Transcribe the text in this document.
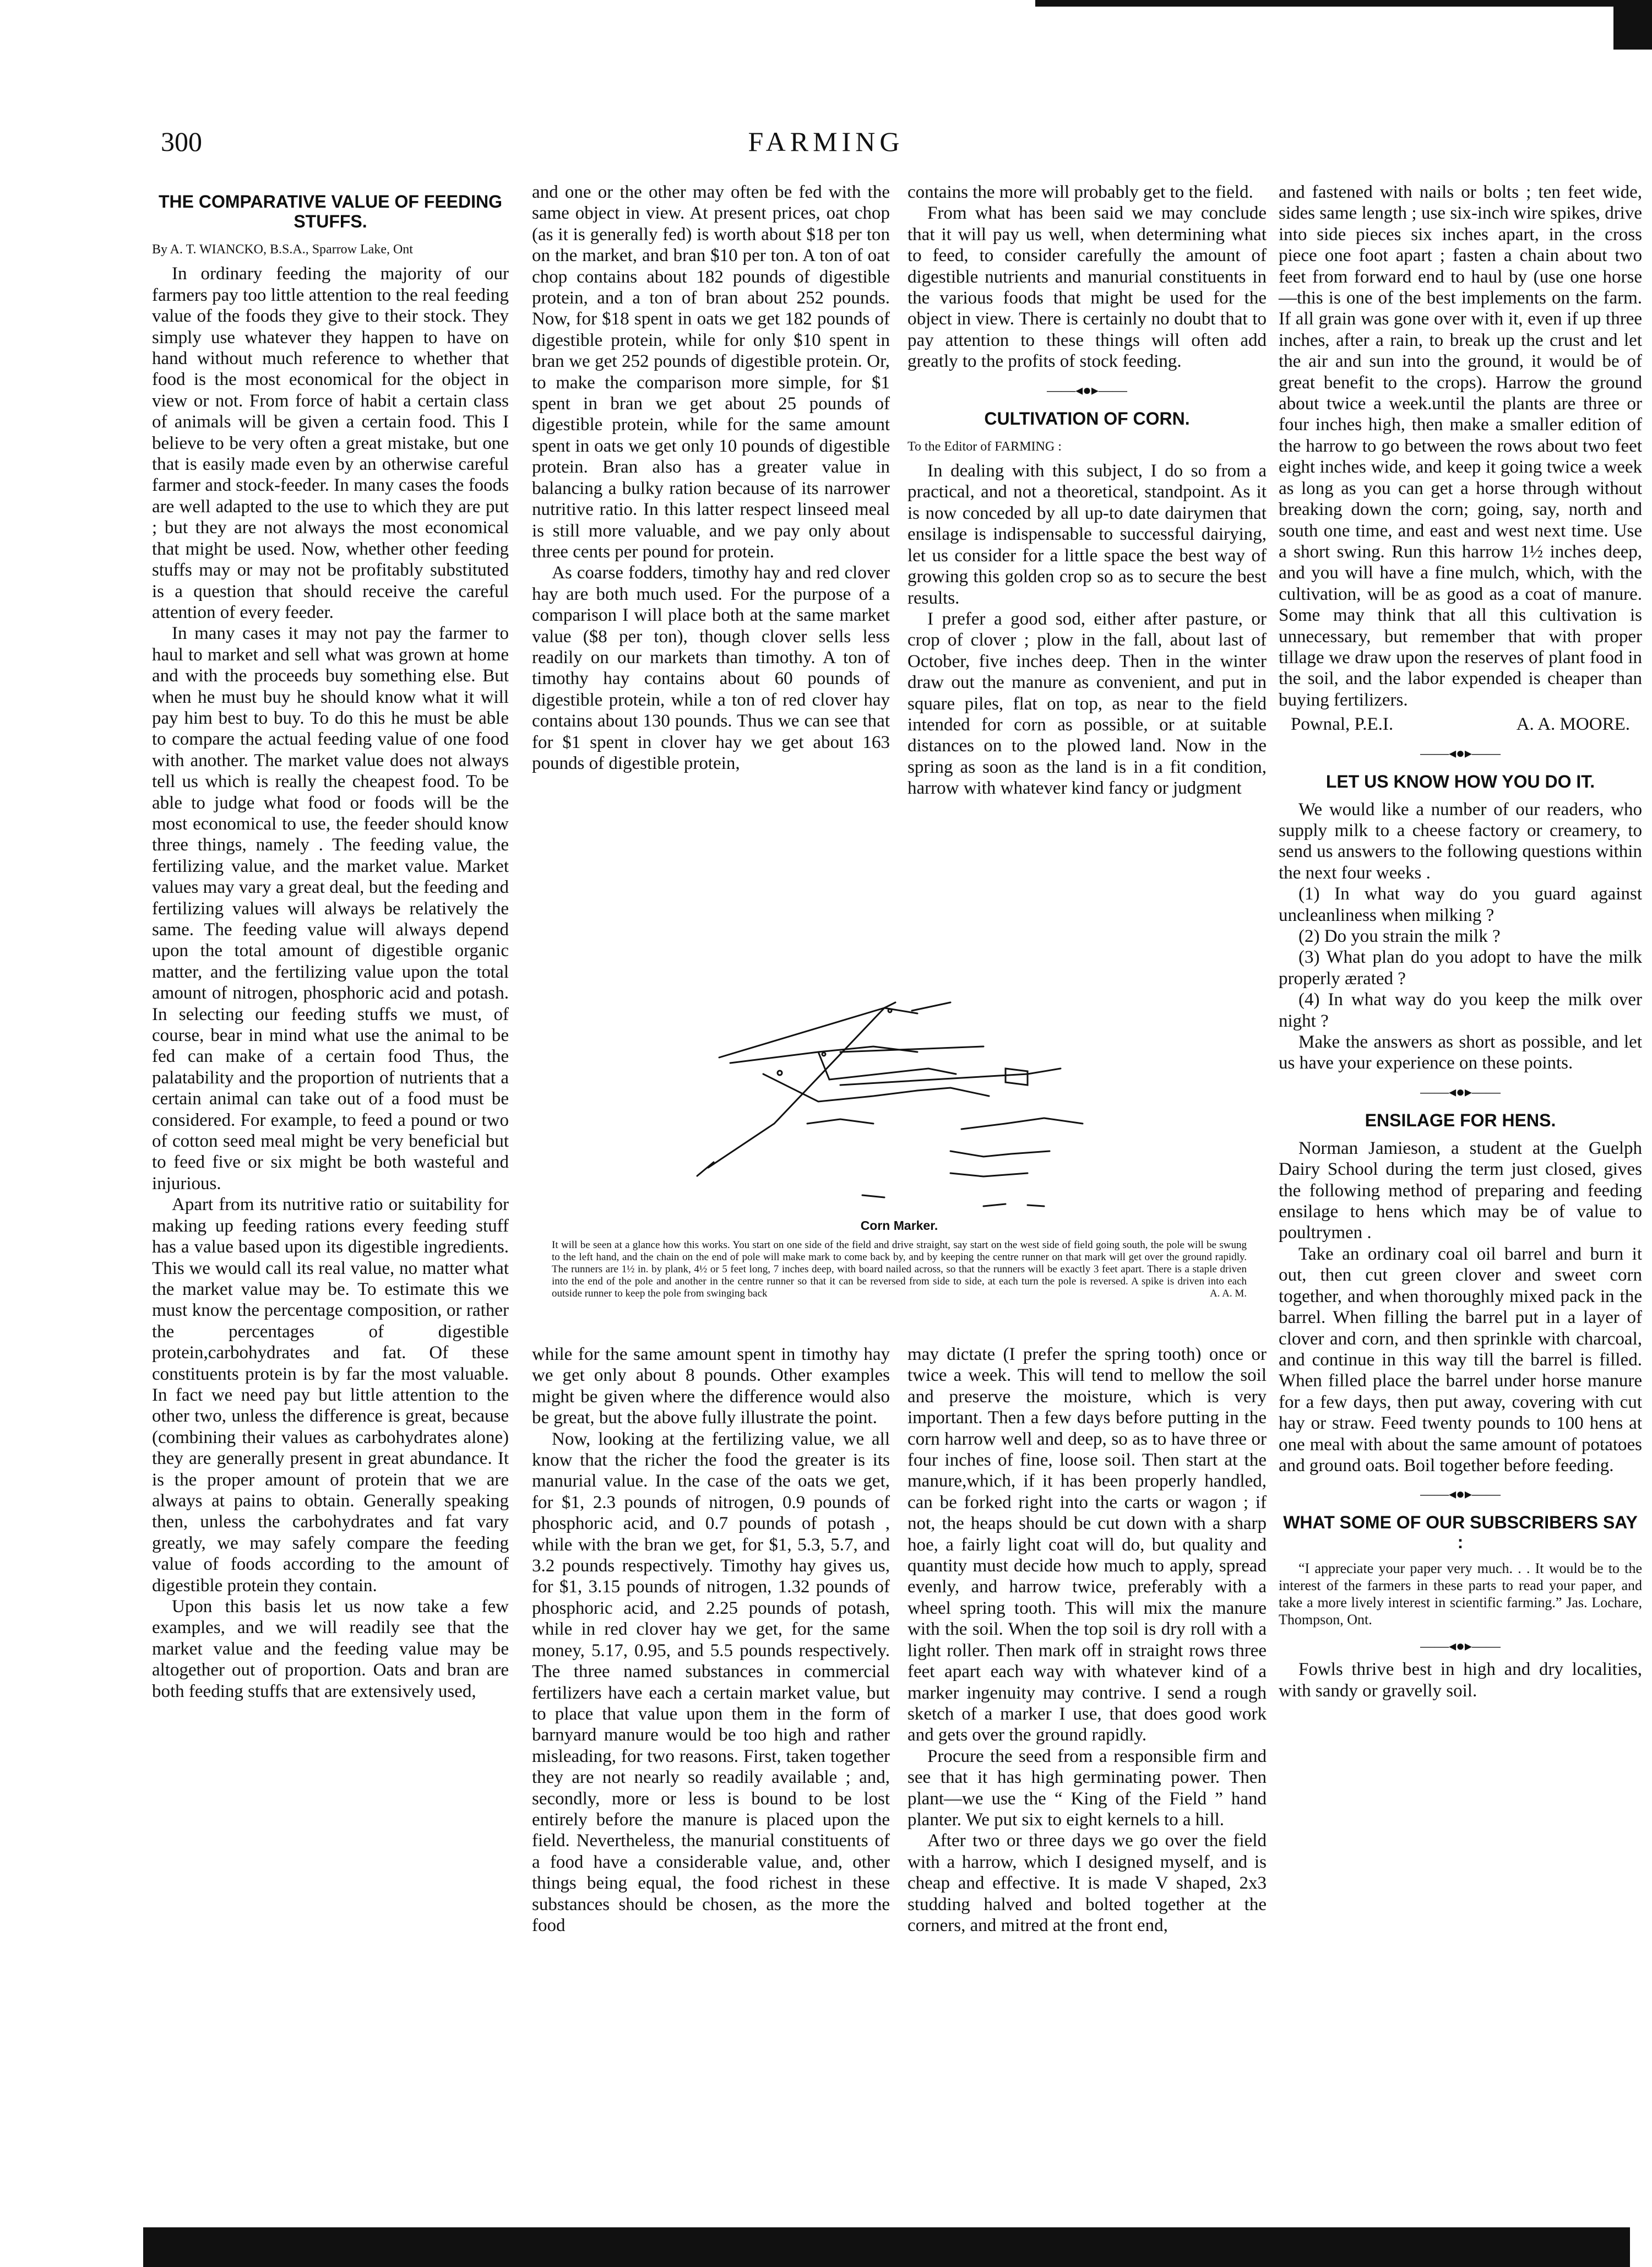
300	FARMING
THE COMPARATIVE VALUE OF FEEDING STUFFS.
By A. T. WIANCKO, B.S.A., Sparrow Lake, Ont

In ordinary feeding the majority of our farmers pay too little attention to the real feeding value of the foods they give to their stock. They simply use whatever they happen to have on hand without much reference to whether that food is the most economical for the object in view or not. From force of habit a certain class of animals will be given a certain food. This I believe to be very often a great mistake, but one that is easily made even by an otherwise careful farmer and stock-feeder. In many cases the foods are well adapted to the use to which they are put ; but they are not always the most economical that might be used. Now, whether other feeding stuffs may or may not be profitably substituted is a question that should receive the careful attention of every feeder.

In many cases it may not pay the farmer to haul to market and sell what was grown at home and with the proceeds buy something else. But when he must buy he should know what it will pay him best to buy. To do this he must be able to compare the actual feeding value of one food with another. The market value does not always tell us which is really the cheapest food. To be able to judge what food or foods will be the most economical to use, the feeder should know three things, namely . The feeding value, the fertilizing value, and the market value. Market values may vary a great deal, but the feeding and fertilizing values will always be relatively the same. The feeding value will always depend upon the total amount of digestible organic matter, and the fertilizing value upon the total amount of nitrogen, phosphoric acid and potash. In selecting our feeding stuffs we must, of course, bear in mind what use the animal to be fed can make of a certain food Thus, the palatability and the proportion of nutrients that a certain animal can take out of a food must be considered. For example, to feed a pound or two of cotton seed meal might be very beneficial but to feed five or six might be both wasteful and injurious.

Apart from its nutritive ratio or suitability for making up feeding rations every feeding stuff has a value based upon its digestible ingredients. This we would call its real value, no matter what the market value may be. To estimate this we must know the percentage composition, or rather the percentages of digestible protein,carbohydrates and fat. Of these constituents protein is by far the most valuable. In fact we need pay but little attention to the other two, unless the difference is great, because (combining their values as carbohydrates alone) they are generally present in great abundance. It is the proper amount of protein that we are always at pains to obtain. Generally speaking then, unless the carbohydrates and fat vary greatly, we may safely compare the feeding value of foods according to the amount of digestible protein they contain.

Upon this basis let us now take a few examples, and we will readily see that the market value and the feeding value may be altogether out of proportion. Oats and bran are both feeding stuffs that are extensively used,

and one or the other may often be fed with the same object in view. At present prices, oat chop (as it is generally fed) is worth about $18 per ton on the market, and bran $10 per ton. A ton of oat chop contains about 182 pounds of digestible protein, and a ton of bran about 252 pounds. Now, for $18 spent in oats we get 182 pounds of digestible protein, while for only $10 spent in bran we get 252 pounds of digestible protein. Or, to make the comparison more simple, for $1 spent in bran we get about 25 pounds of digestible protein, while for the same amount spent in oats we get only 10 pounds of digestible protein. Bran also has a greater value in balancing a bulky ration because of its narrower nutritive ratio. In this latter respect linseed meal is still more valuable, and we pay only about three cents per pound for protein.

As coarse fodders, timothy hay and red clover hay are both much used. For the purpose of a comparison I will place both at the same market value ($8 per ton), though clover sells less readily on our markets than timothy. A ton of timothy hay contains about 60 pounds of digestible protein, while a ton of red clover hay contains about 130 pounds. Thus we can see that for $1 spent in clover hay we get about 163 pounds of digestible protein,

contains the more will probably get to the field.

From what has been said we may conclude that it will pay us well, when determining what to feed, to consider carefully the amount of digestible nutrients and manurial constituents in the various foods that might be used for the object in view. There is certainly no doubt that to pay attention to these things will often add greatly to the profits of stock feeding.

——◂●▸——
CULTIVATION OF CORN.
To the Editor of FARMING :

In dealing with this subject, I do so from a practical, and not a theoretical, standpoint. As it is now conceded by all up-to date dairymen that ensilage is indispensable to successful dairying, let us consider for a little space the best way of growing this golden crop so as to secure the best results.

I prefer a good sod, either after pasture, or crop of clover ; plow in the fall, about last of October, five inches deep. Then in the winter draw out the manure as convenient, and put in square piles, flat on top, as near to the field intended for corn as possible, or at suitable distances on to the plowed land. Now in the spring as soon as the land is in a fit condition, harrow with whatever kind fancy or judgment

and fastened with nails or bolts ; ten feet wide, sides same length ; use six-inch wire spikes, drive into side pieces six inches apart, in the cross piece one foot apart ; fasten a chain about two feet from forward end to haul by (use one horse—this is one of the best implements on the farm. If all grain was gone over with it, even if up three inches, after a rain, to break up the crust and let the air and sun into the ground, it would be of great benefit to the crops). Harrow the ground about twice a week.until the plants are three or four inches high, then make a smaller edition of the harrow to go between the rows about two feet eight inches wide, and keep it going twice a week as long as you can get a horse through without breaking down the corn; going, say, north and south one time, and east and west next time. Use a short swing. Run this harrow 1½ inches deep, and you will have a fine mulch, which, with the cultivation, will be as good as a coat of manure. Some may think that all this cultivation is unnecessary, but remember that with proper tillage we draw upon the reserves of plant food in the soil, and the labor expended is cheaper than buying fertilizers.

Pownal, P.E.I.	A. A. MOORE.
——◂●▸——
LET US KNOW HOW YOU DO IT.

We would like a number of our readers, who supply milk to a cheese factory or creamery, to send us answers to the following questions within the next four weeks .

(1) In what way do you guard against uncleanliness when milking ?

(2) Do you strain the milk ?

(3) What plan do you adopt to have the milk properly ærated ?

(4) In what way do you keep the milk over night ?

Make the answers as short as possible, and let us have your experience on these points.

——◂●▸——
ENSILAGE FOR HENS.

Norman Jamieson, a student at the Guelph Dairy School during the term just closed, gives the following method of preparing and feeding ensilage to hens which may be of value to poultrymen .

Take an ordinary coal oil barrel and burn it out, then cut green clover and sweet corn together, and when thoroughly mixed pack in the barrel. When filling the barrel put in a layer of clover and corn, and then sprinkle with charcoal, and continue in this way till the barrel is filled. When filled place the barrel under horse manure for a few days, then put away, covering with cut hay or straw. Feed twenty pounds to 100 hens at one meal with about the same amount of potatoes and ground oats. Boil together before feeding.

——◂●▸——
WHAT SOME OF OUR SUBSCRIBERS SAY :

“I appreciate your paper very much. . . It would be to the interest of the farmers in these parts to read your paper, and take a more lively interest in scientific farming.” Jas. Lochare, Thompson, Ont.

——◂●▸——

Fowls thrive best in high and dry localities, with sandy or gravelly soil.

Corn Marker.
It will be seen at a glance how this works. You start on one side of the field and drive straight, say start on the west side of field going south, the pole will be swung to the left hand, and the chain on the end of pole will make mark to come back by, and by keeping the centre runner on that mark will get over the ground rapidly. The runners are 1½ in. by plank, 4½ or 5 feet long, 7 inches deep, with board nailed across, so that the runners will be exactly 3 feet apart. There is a staple driven into the end of the pole and another in the centre runner so that it can be reversed from side to side, at each turn the pole is reversed. A spike is driven into each outside runner to keep the pole from swinging back	A. A. M.

while for the same amount spent in timothy hay we get only about 8 pounds. Other examples might be given where the difference would also be great, but the above fully illustrate the point.

Now, looking at the fertilizing value, we all know that the richer the food the greater is its manurial value. In the case of the oats we get, for $1, 2.3 pounds of nitrogen, 0.9 pounds of phosphoric acid, and 0.7 pounds of potash , while with the bran we get, for $1, 5.3, 5.7, and 3.2 pounds respectively. Timothy hay gives us, for $1, 3.15 pounds of nitrogen, 1.32 pounds of phosphoric acid, and 2.25 pounds of potash, while in red clover hay we get, for the same money, 5.17, 0.95, and 5.5 pounds respectively. The three named substances in commercial fertilizers have each a certain market value, but to place that value upon them in the form of barnyard manure would be too high and rather misleading, for two reasons. First, taken together they are not nearly so readily available ; and, secondly, more or less is bound to be lost entirely before the manure is placed upon the field. Nevertheless, the manurial constituents of a food have a considerable value, and, other things being equal, the food richest in these substances should be chosen, as the more the food

may dictate (I prefer the spring tooth) once or twice a week. This will tend to mellow the soil and preserve the moisture, which is very important. Then a few days before putting in the corn harrow well and deep, so as to have three or four inches of fine, loose soil. Then start at the manure,which, if it has been properly handled, can be forked right into the carts or wagon ; if not, the heaps should be cut down with a sharp hoe, a fairly light coat will do, but quality and quantity must decide how much to apply, spread evenly, and harrow twice, preferably with a wheel spring tooth. This will mix the manure with the soil. When the top soil is dry roll with a light roller. Then mark off in straight rows three feet apart each way with whatever kind of a marker ingenuity may contrive. I send a rough sketch of a marker I use, that does good work and gets over the ground rapidly.

Procure the seed from a responsible firm and see that it has high germinating power. Then plant—we use the “ King of the Field ” hand planter. We put six to eight kernels to a hill.

After two or three days we go over the field with a harrow, which I designed myself, and is cheap and effective. It is made V shaped, 2x3 studding halved and bolted together at the corners, and mitred at the front end,
